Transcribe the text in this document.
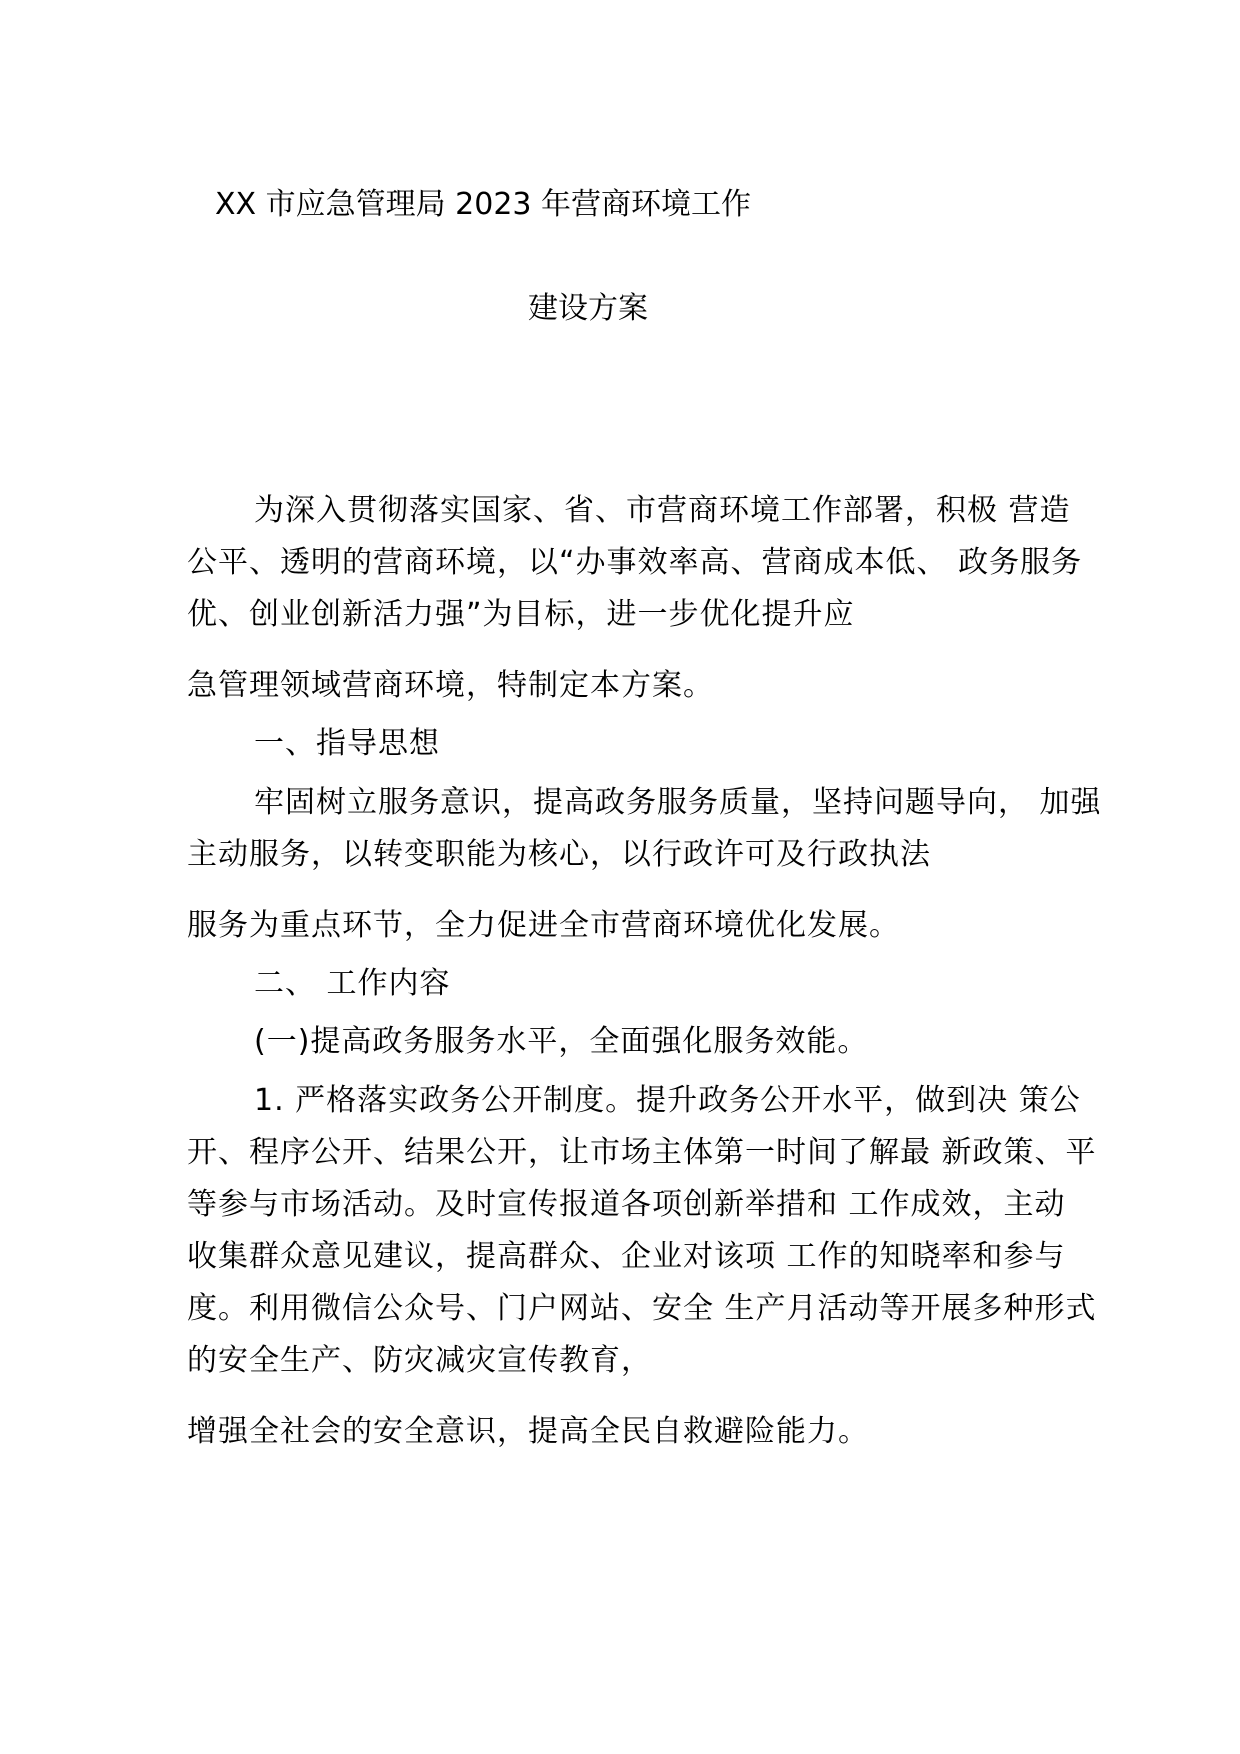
XX 市应急管理局 2023 年营商环境工作
建设方案
为深入贯彻落实国家、省、市营商环境工作部署，积极 营造
公平、透明的营商环境，以“办事效率高、营商成本低、 政务服务
优、创业创新活力强”为目标，进一步优化提升应
急管理领域营商环境，特制定本方案。
一、指导思想
牢固树立服务意识，提高政务服务质量，坚持问题导向， 加强
主动服务，以转变职能为核心，以行政许可及行政执法
服务为重点环节，全力促进全市营商环境优化发展。
二、 工作内容
(一)提高政务服务水平，全面强化服务效能。
1. 严格落实政务公开制度。提升政务公开水平，做到决 策公
开、程序公开、结果公开，让市场主体第一时间了解最 新政策、平
等参与市场活动。及时宣传报道各项创新举措和 工作成效，主动
收集群众意见建议，提高群众、企业对该项 工作的知晓率和参与
度。利用微信公众号、门户网站、安全 生产月活动等开展多种形式
的安全生产、防灾减灾宣传教育，
增强全社会的安全意识，提高全民自救避险能力。
